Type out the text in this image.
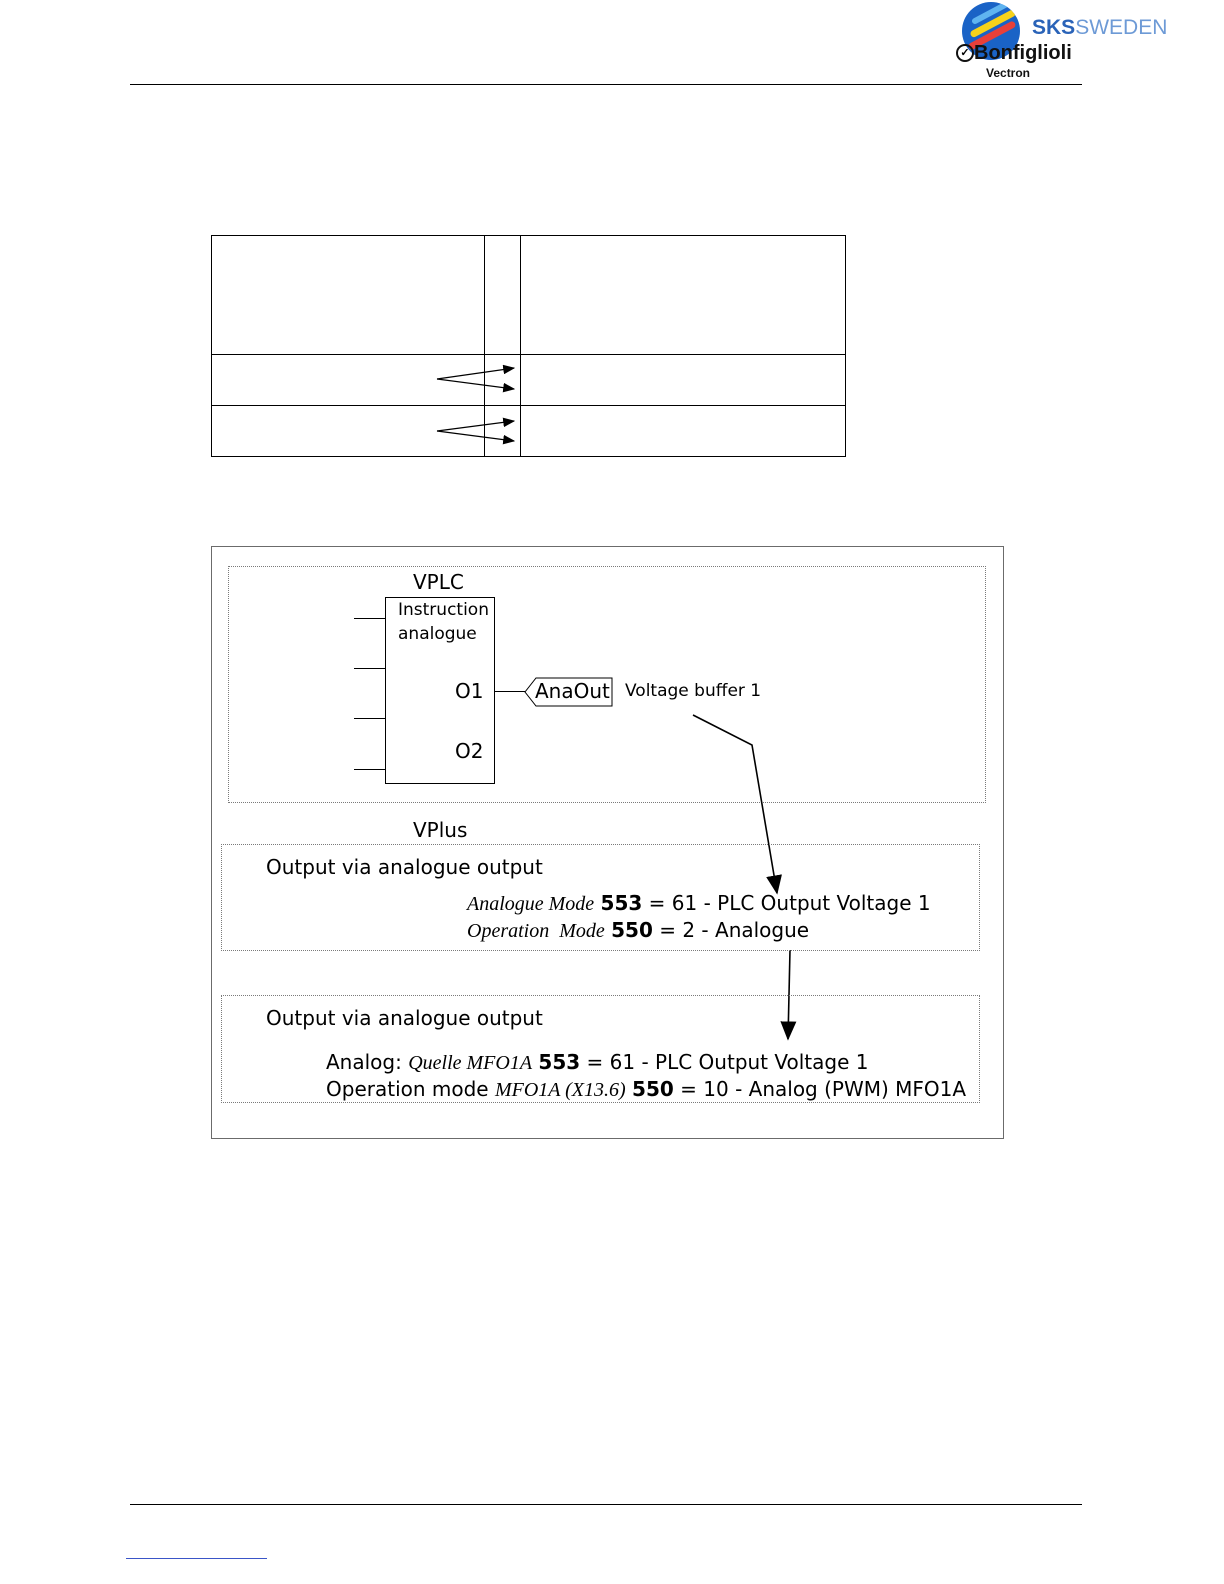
SKSSWEDEN
✓ Bonfiglioli
Vectron
VPLC
Instruction
analogue
O1
O2
AnaOut Voltage buffer 1
VPlus
Output via analogue output
Analogue Mode 553 = 61 - PLC Output Voltage 1
Operation  Mode 550 = 2 - Analogue
Output via analogue output
Analog: Quelle MFO1A 553 = 61 - PLC Output Voltage 1
Operation mode MFO1A (X13.6) 550 = 10 - Analog (PWM) MFO1A
